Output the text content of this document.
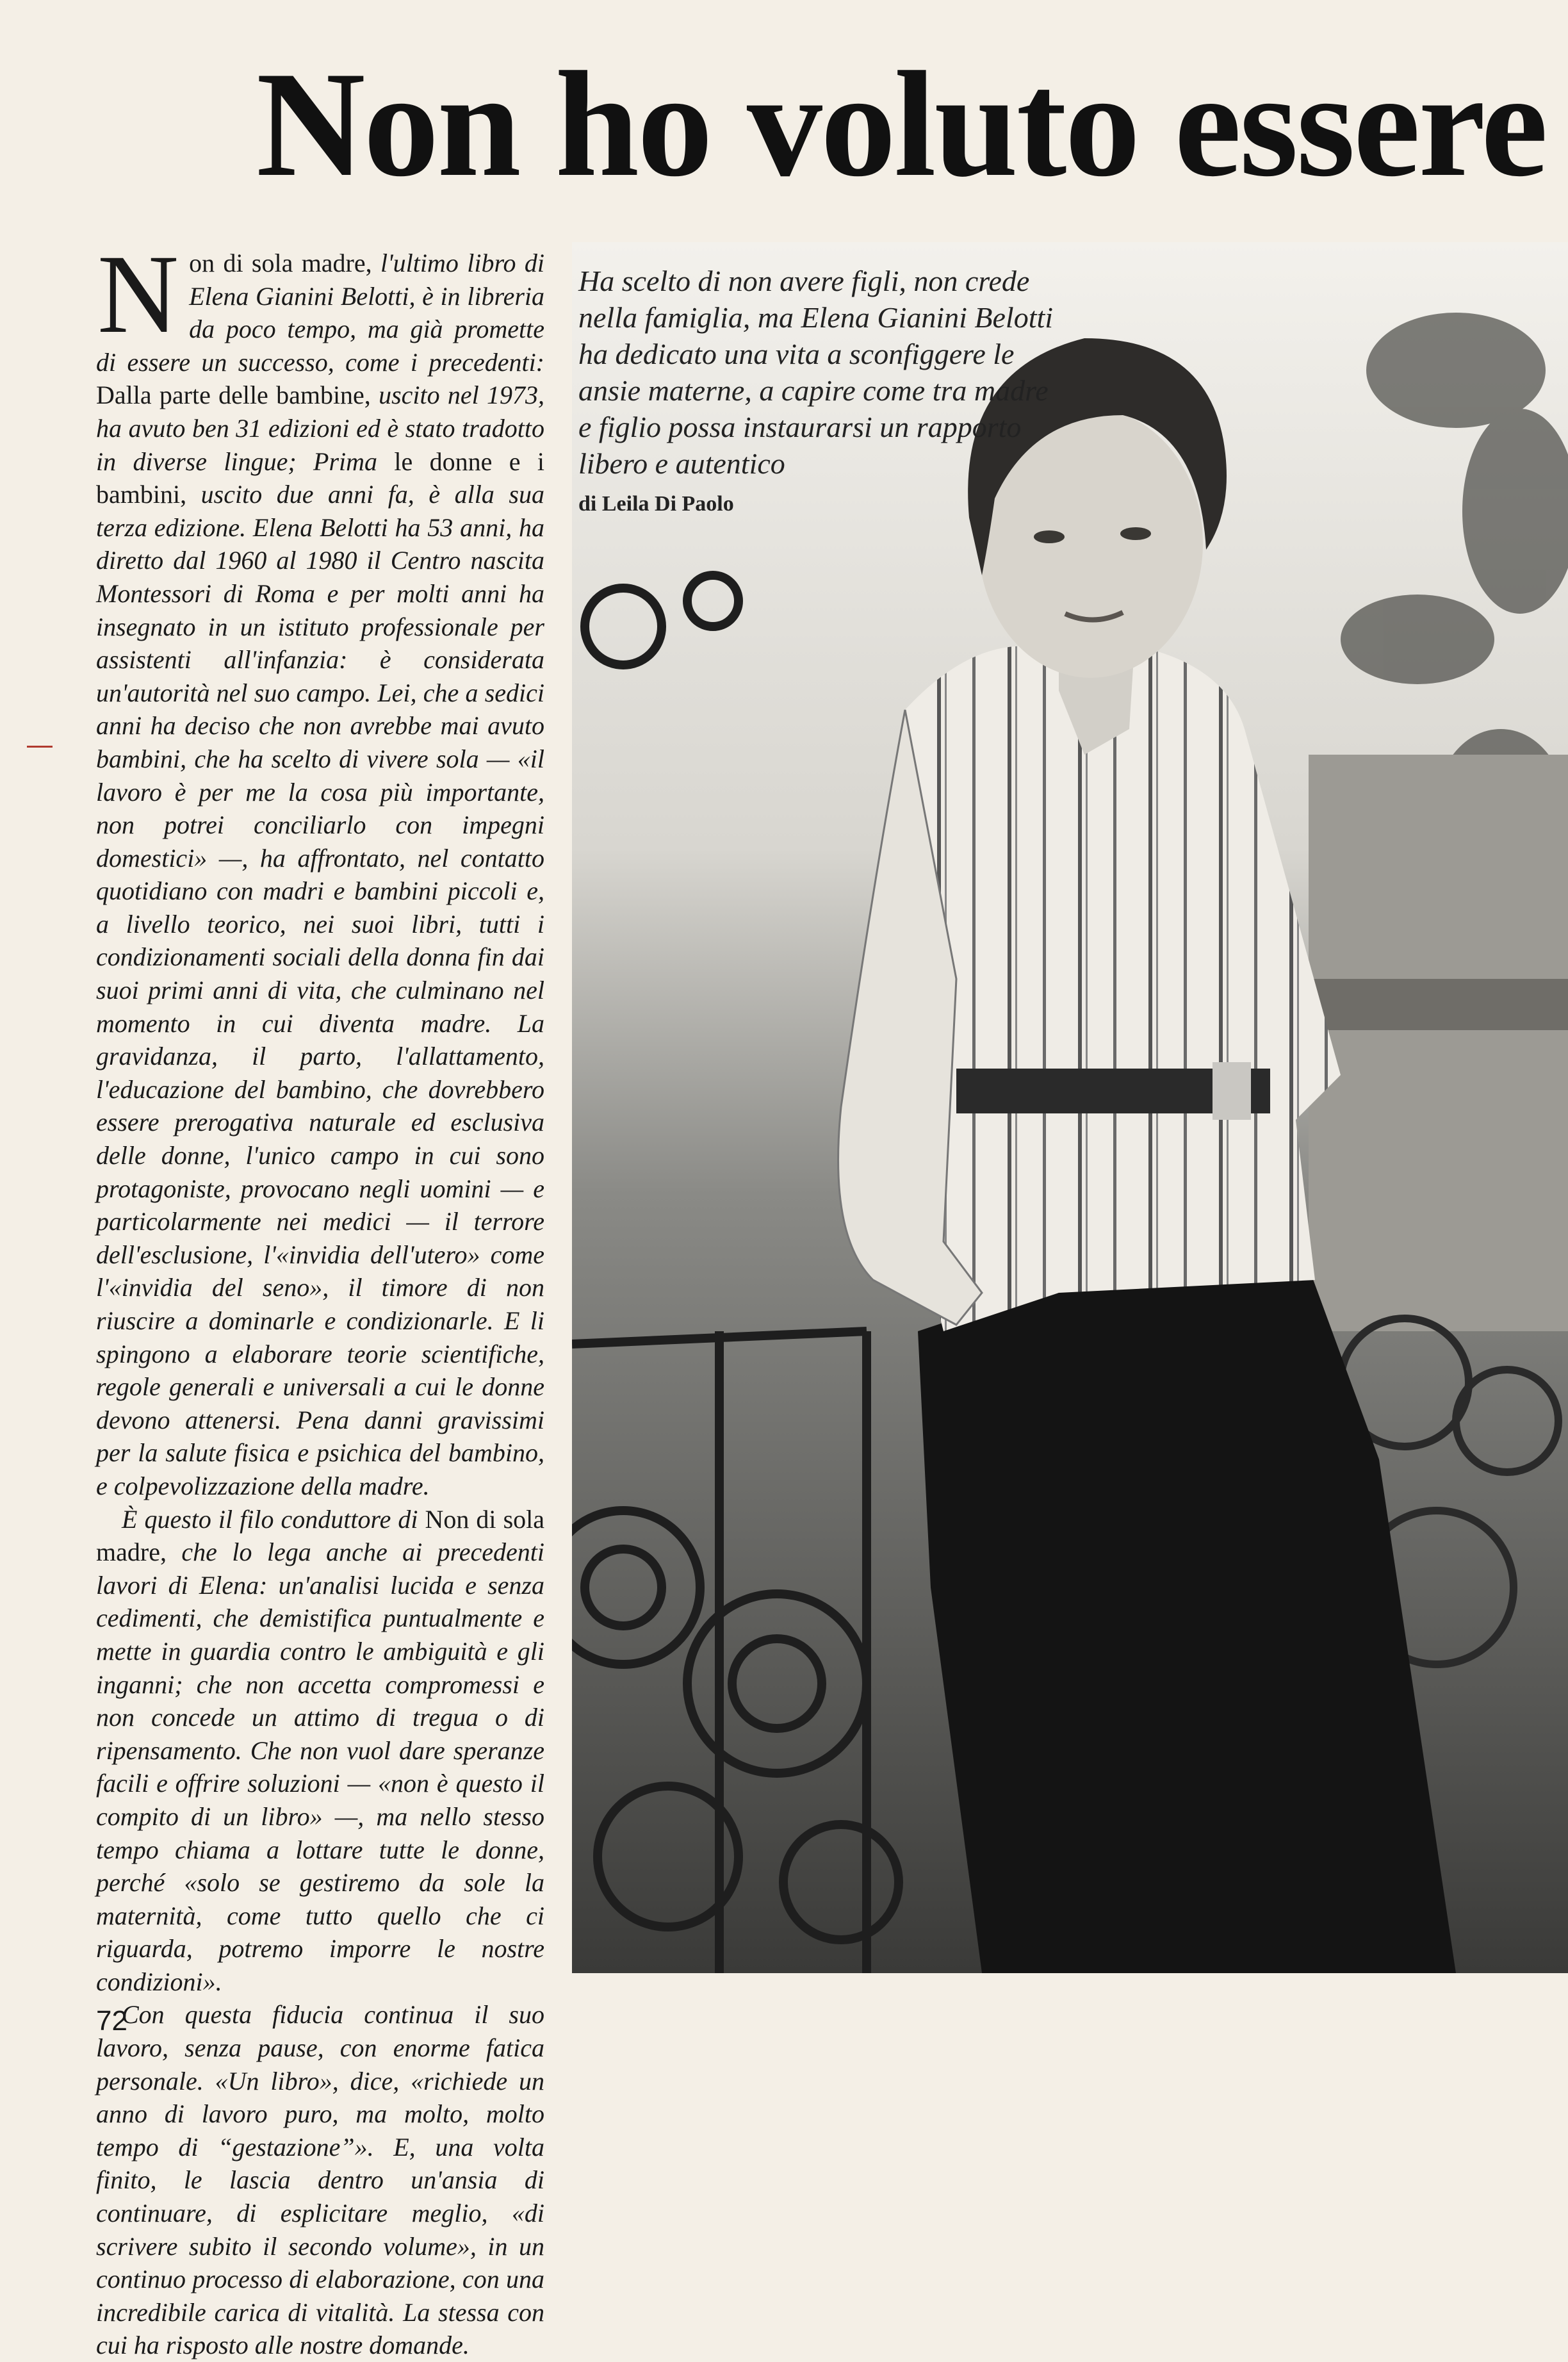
Non ho voluto essere
Ha scelto di non avere figli, non crede nella famiglia, ma Elena Gianini Belotti ha dedicato una vita a sconfiggere le ansie materne, a capire come tra madre e figlio possa instaurarsi un rapporto libero e autentico
di Leila Di Paolo

N on di sola madre, l'ultimo libro di Elena Gianini Belotti, è in libreria da poco tempo, ma già promette di essere un successo, come i precedenti: Dalla parte delle bambine, uscito nel 1973, ha avuto ben 31 edizioni ed è stato tradotto in diverse lingue; Prima le donne e i bambini, uscito due anni fa, è alla sua terza edizione. Elena Belotti ha 53 anni, ha diretto dal 1960 al 1980 il Centro nascita Montessori di Roma e per molti anni ha insegnato in un istituto professionale per assistenti all'infanzia: è considerata un'autorità nel suo campo. Lei, che a sedici anni ha deciso che non avrebbe mai avuto bambini, che ha scelto di vivere sola — «il lavoro è per me la cosa più importante, non potrei conciliarlo con impegni domestici» —, ha affrontato, nel contatto quotidiano con madri e bambini piccoli e, a livello teorico, nei suoi libri, tutti i condizionamenti sociali della donna fin dai suoi primi anni di vita, che culminano nel momento in cui diventa madre. La gravidanza, il parto, l'allattamento, l'educazione del bambino, che dovrebbero essere prerogativa naturale ed esclusiva delle donne, l'unico campo in cui sono protagoniste, provocano negli uomini — e particolarmente nei medici — il terrore dell'esclusione, l'«invidia dell'utero» come l'«invidia del seno», il timore di non riuscire a dominarle e condizionarle. E li spingono a elaborare teorie scientifiche, regole generali e universali a cui le donne devono attenersi. Pena danni gravissimi per la salute fisica e psichica del bambino, e colpevolizzazione della madre.

È questo il filo conduttore di Non di sola madre, che lo lega anche ai precedenti lavori di Elena: un'analisi lucida e senza cedimenti, che demistifica puntualmente e mette in guardia contro le ambiguità e gli inganni; che non accetta compromessi e non concede un attimo di tregua o di ripensamento. Che non vuol dare speranze facili e offrire soluzioni — «non è questo il compito di un libro» —, ma nello stesso tempo chiama a lottare tutte le donne, perché «solo se gestiremo da sole la maternità, come tutto quello che ci riguarda, potremo imporre le nostre condizioni».

Con questa fiducia continua il suo lavoro, senza pause, con enorme fatica personale. «Un libro», dice, «richiede un anno di lavoro puro, ma molto, molto tempo di “gestazione”». E, una volta finito, le lascia dentro un'ansia di continuare, di esplicitare meglio, «di scrivere subito il secondo volume», in un continuo processo di elaborazione, con una incredibile carica di vitalità. La stessa con cui ha risposto alle nostre domande.

72
